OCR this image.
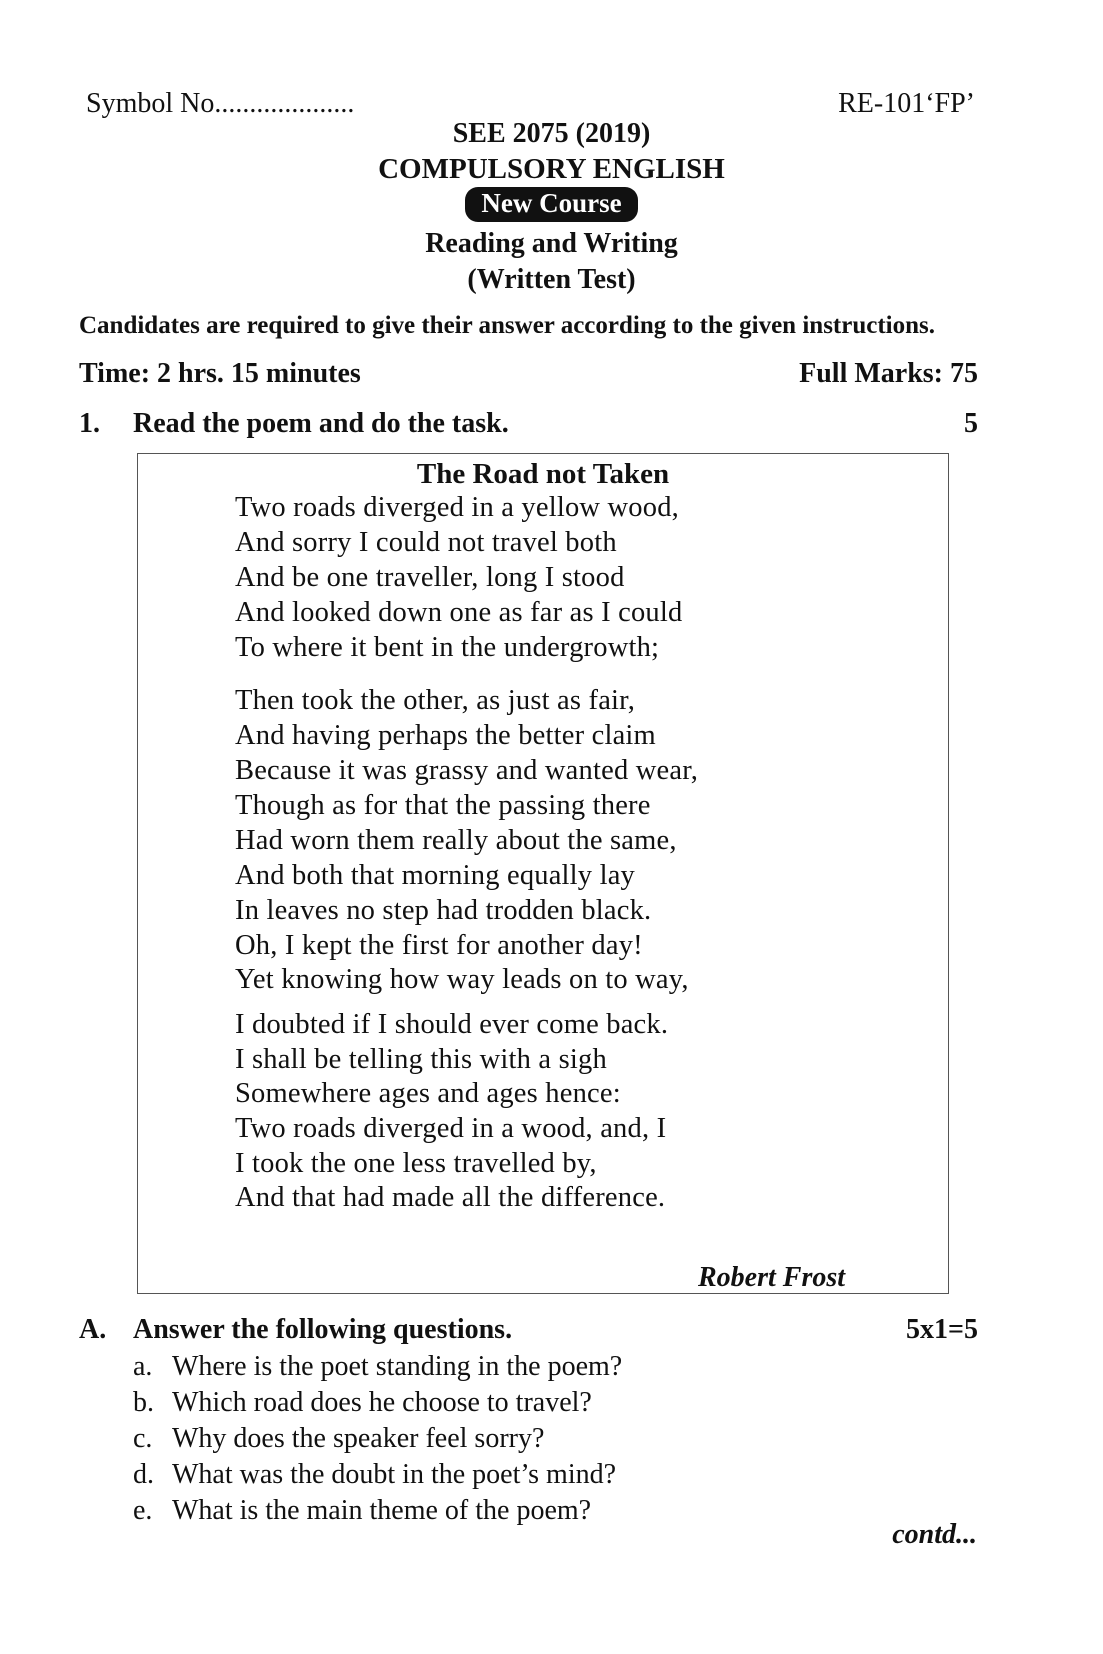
Symbol No....................	RE-101‘FP’
SEE 2075 (2019)
COMPULSORY ENGLISH
New Course
Reading and Writing
(Written Test)
Candidates are required to give their answer according to the given instructions.
Time: 2 hrs. 15 minutes	Full Marks: 75
1. Read the poem and do the task.	5
The Road not Taken
Two roads diverged in a yellow wood,
And sorry I could not travel both
And be one traveller, long I stood
And looked down one as far as I could
To where it bent in the undergrowth;
Then took the other, as just as fair,
And having perhaps the better claim
Because it was grassy and wanted wear,
Though as for that the passing there
Had worn them really about the same,
And both that morning equally lay
In leaves no step had trodden black.
Oh, I kept the first for another day!
Yet knowing how way leads on to way,
I doubted if I should ever come back.
I shall be telling this with a sigh
Somewhere ages and ages hence:
Two roads diverged in a wood, and, I
I took the one less travelled by,
And that had made all the difference.
Robert Frost
A. Answer the following questions.	5x1=5
a. Where is the poet standing in the poem?
b. Which road does he choose to travel?
c. Why does the speaker feel sorry?
d. What was the doubt in the poet’s mind?
e. What is the main theme of the poem?
contd...
